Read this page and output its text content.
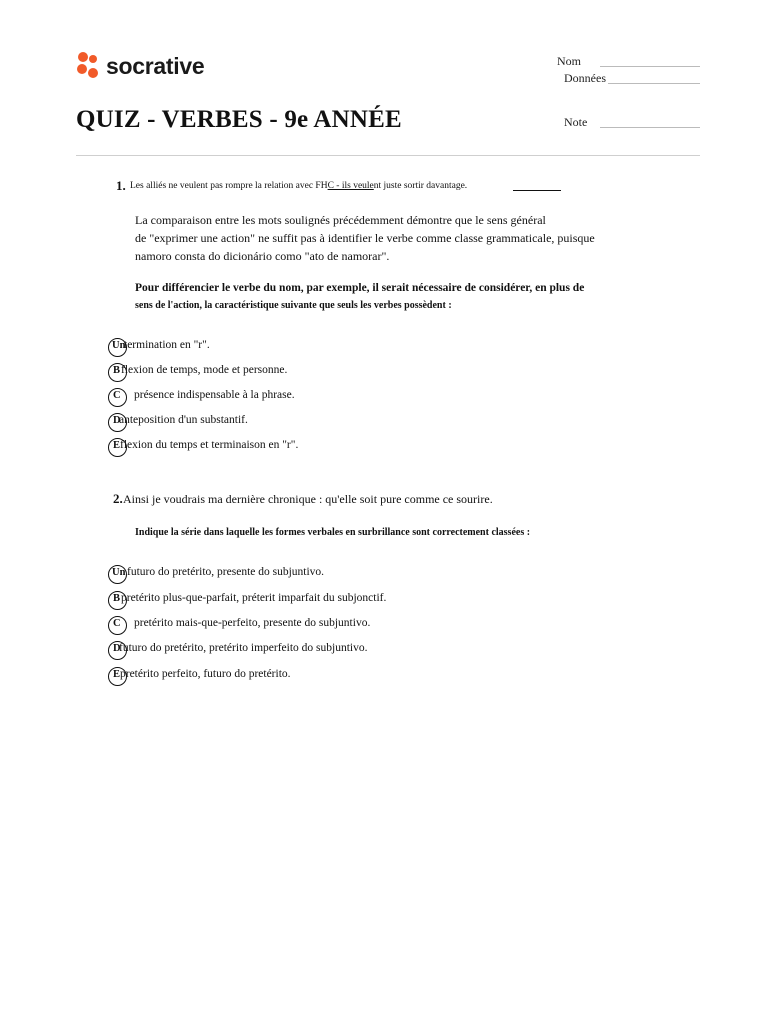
socrative	Nom
Données
Note
QUIZ - VERBES - 9e ANNÉE
1. Les alliés ne veulent pas rompre la relation avec FHC - ils veulent juste sortir davantage.
La comparaison entre les mots soulignés précédemment démontre que le sens général
de "exprimer une action" ne suffit pas à identifier le verbe comme classe grammaticale, puisque
namoro consta do dicionário como "ato de namorar".
Pour différencier le verbe du nom, par exemple, il serait nécessaire de considérer, en plus de
sens de l'action, la caractéristique suivante que seuls les verbes possèdent :
Un
termination en "r".
B flexion de temps, mode et personne.
C présence indispensable à la phrase.
D
anteposition d'un substantif.
E flexion du temps et terminaison en "r".
2. Ainsi je voudrais ma dernière chronique : qu'elle soit pure comme ce sourire.
Indique la série dans laquelle les formes verbales en surbrillance sont correctement classées :
Un futuro do pretérito, presente do subjuntivo.
B pretérito plus-que-parfait, préterit imparfait du subjonctif.
C pretérito mais-que-perfeito, presente do subjuntivo.
D
futuro do pretérito, pretérito imperfeito do subjuntivo.
E pretérito perfeito, futuro do pretérito.
